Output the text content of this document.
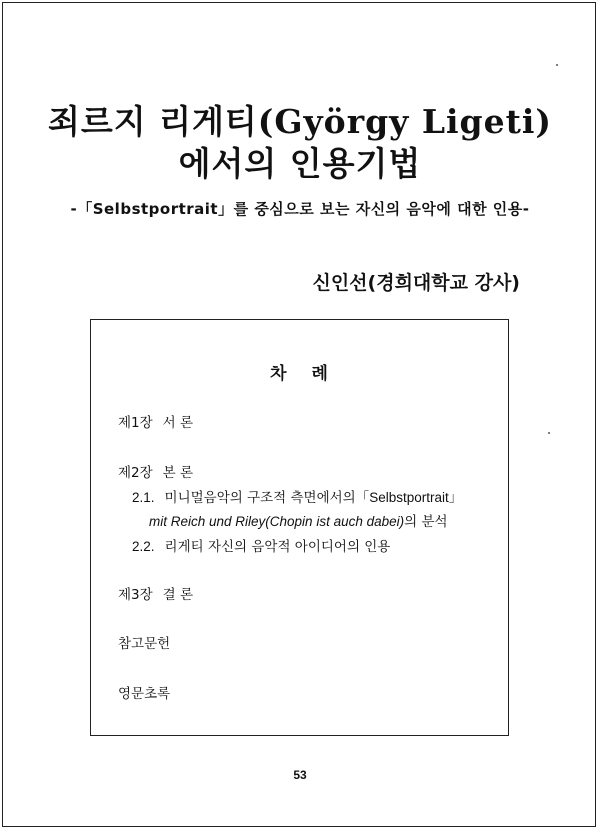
죄르지 리게티(György Ligeti)
에서의 인용기법
-「Selbstportrait」를 중심으로 보는 자신의 음악에 대한 인용-
신인선(경희대학교 강사)
차 례
제1장 서 론
제2장 본 론
2.1. 미니멀음악의 구조적 측면에서의「Selbstportrait」
mit Reich und Riley(Chopin ist auch dabei)의 분석
2.2. 리게티 자신의 음악적 아이디어의 인용
제3장 결 론
참고문헌
영문초록
53
